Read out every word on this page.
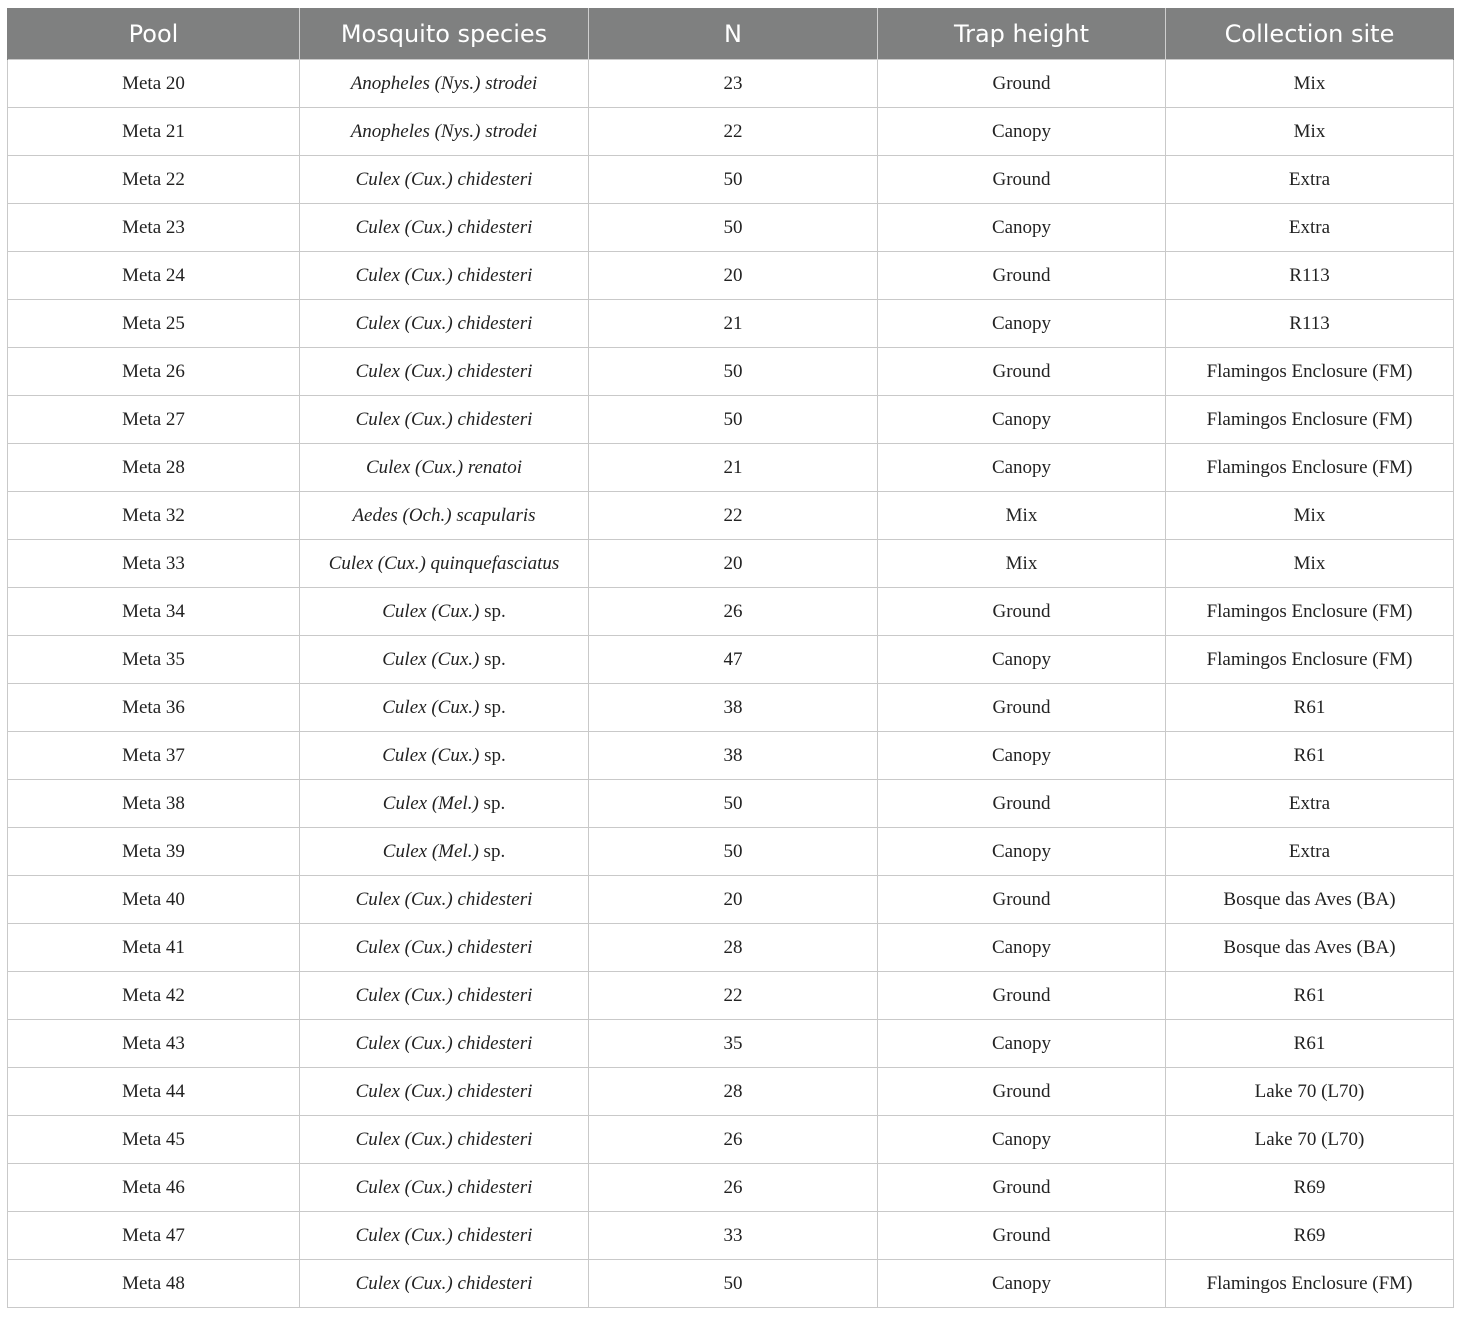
Pool	Mosquito species	N	Trap height	Collection site
Meta 20	Anopheles (Nys.) strodei	23	Ground	Mix
Meta 21	Anopheles (Nys.) strodei	22	Canopy	Mix
Meta 22	Culex (Cux.) chidesteri	50	Ground	Extra
Meta 23	Culex (Cux.) chidesteri	50	Canopy	Extra
Meta 24	Culex (Cux.) chidesteri	20	Ground	R113
Meta 25	Culex (Cux.) chidesteri	21	Canopy	R113
Meta 26	Culex (Cux.) chidesteri	50	Ground	Flamingos Enclosure (FM)
Meta 27	Culex (Cux.) chidesteri	50	Canopy	Flamingos Enclosure (FM)
Meta 28	Culex (Cux.) renatoi	21	Canopy	Flamingos Enclosure (FM)
Meta 32	Aedes (Och.) scapularis	22	Mix	Mix
Meta 33	Culex (Cux.) quinquefasciatus	20	Mix	Mix
Meta 34	Culex (Cux.) sp.	26	Ground	Flamingos Enclosure (FM)
Meta 35	Culex (Cux.) sp.	47	Canopy	Flamingos Enclosure (FM)
Meta 36	Culex (Cux.) sp.	38	Ground	R61
Meta 37	Culex (Cux.) sp.	38	Canopy	R61
Meta 38	Culex (Mel.) sp.	50	Ground	Extra
Meta 39	Culex (Mel.) sp.	50	Canopy	Extra
Meta 40	Culex (Cux.) chidesteri	20	Ground	Bosque das Aves (BA)
Meta 41	Culex (Cux.) chidesteri	28	Canopy	Bosque das Aves (BA)
Meta 42	Culex (Cux.) chidesteri	22	Ground	R61
Meta 43	Culex (Cux.) chidesteri	35	Canopy	R61
Meta 44	Culex (Cux.) chidesteri	28	Ground	Lake 70 (L70)
Meta 45	Culex (Cux.) chidesteri	26	Canopy	Lake 70 (L70)
Meta 46	Culex (Cux.) chidesteri	26	Ground	R69
Meta 47	Culex (Cux.) chidesteri	33	Ground	R69
Meta 48	Culex (Cux.) chidesteri	50	Canopy	Flamingos Enclosure (FM)
